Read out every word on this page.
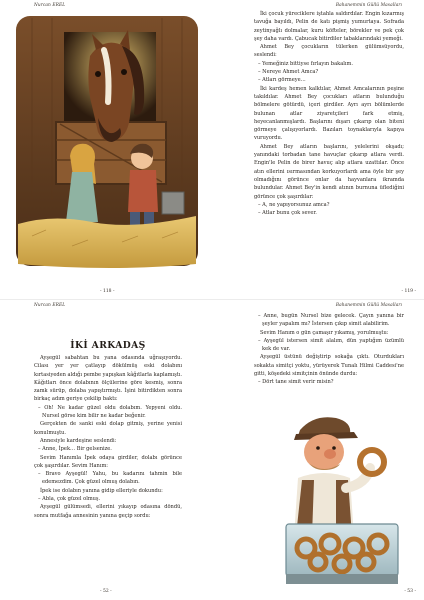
Nurcan EREL
- 118 -
Bahanemmin Güllü Masalları
- 119 -

İki çocuk yüreciklere iştahla saldırdılar. Engin kızarmış tavuğa bayıldı, Pelin de katı pişmiş yumurtaya. Sofrada zeytinyağlı dolmalar, kuru köfteler, börekler ve pek çok şey daha vardı. Çabucak bitirdiler tabaklarındaki yemeği.

Ahmet Bey çocukların tülerken gülümsüyordu, seslendi:

– Yemeğiniz bittiyse fırlayın bakalım.

– Nereye Ahmet Amca?

– Atları görmeye…

İki kardeş hemen kalktılar, Ahmet Amcalarının peşine takıldılar. Ahmet Bey çocukları atların bulunduğu bölmelere götürdü, içeri girdiler. Ayrı ayrı bölümlerde bulunan atlar ziyaretçileri fark etmiş, heyecanlanmışlardı. Başlarını dışarı çıkarıp olan biteni görmeye çalışıyorlardı. Bazıları toynaklarıyla kapıya vuruyordu.

Ahmet Bey atların başlarını, yelelerini okşadı; yanındaki torbadan tane havuçlar çıkarıp atlara verdi. Engin'le Pelin de birer havuç alıp atlara uzattılar. Önce atın ellerini ısırmasından korkuyorlardı ama öyle bir şey olmadığını görünce onlar da hayvanlara ikramda bulundular. Ahmet Bey'in kendi atının burnuna üflediğini görünce çok şaşırdılar:

– A, ne yapıyorsunuz amca?

– Atlar bunu çok sever.

Nurcan EREL
- 52 -
Bahanemmin Güllü Masalları
- 53 -
İKİ ARKADAŞ

Ayşegül sabahtan bu yana odasında uğraşıyordu. Cilası yer yer çatlayıp dökülmüş eski dolabını kırtasiyeden aldığı pembe yapışkan kâğıtlarla kaplamıştı. Kâğıtları önce dolabının ölçülerine göre kesmiş, sonra zamk sürüp, dolaba yapıştırmıştı. İşini bitirdikten sonra birkaç adım geriye çekilip baktı:

– Oh! Ne kadar güzel oldu dolabım. Yepyeni oldu. Nursel görse kim bilir ne kadar beğenir.

Gerçekten de sanki eski dolap gitmiş, yerine yenisi konulmuştu.

Annesiyle kardeşine seslendi:

– Anne, İpek… Bir gelsenize.

Sevim Hanımla İpek odaya girdiler, dolabı görünce çok şaşırdılar. Sevim Hanım:

– Bravo Ayşegül! Yahu, bu kadarını tahmin bile edemezdim. Çok güzel olmuş dolabın.

İpek ise dolabın yanına gidip elleriyle dokundu:

– Abla, çok güzel olmuş.

Ayşegül gülümsedi, ellerini yıkayıp odasına döndü, sonra mutfağa annesinin yanına geçip sordu:

– Anne, bugün Nursel bize gelecek. Çayın yanına bir şeyler yapalım mı? İstersen çıkıp simit alabilirim.

Sevim Hanım o gün çamaşır yıkamış, yorulmuştu:

– Ayşegül istersen simit alalım, dün yaptığım üzümlü kek de var.

Ayşegül üstünü değiştirip sokağa çıktı. Oturdukları sokakta simitçi yoktu, yürüyerek Tunalı Hilmi Caddesi'ne gitti, köşedeki simitçinin önünde durdu:

– Dört tane simit verir misin?
